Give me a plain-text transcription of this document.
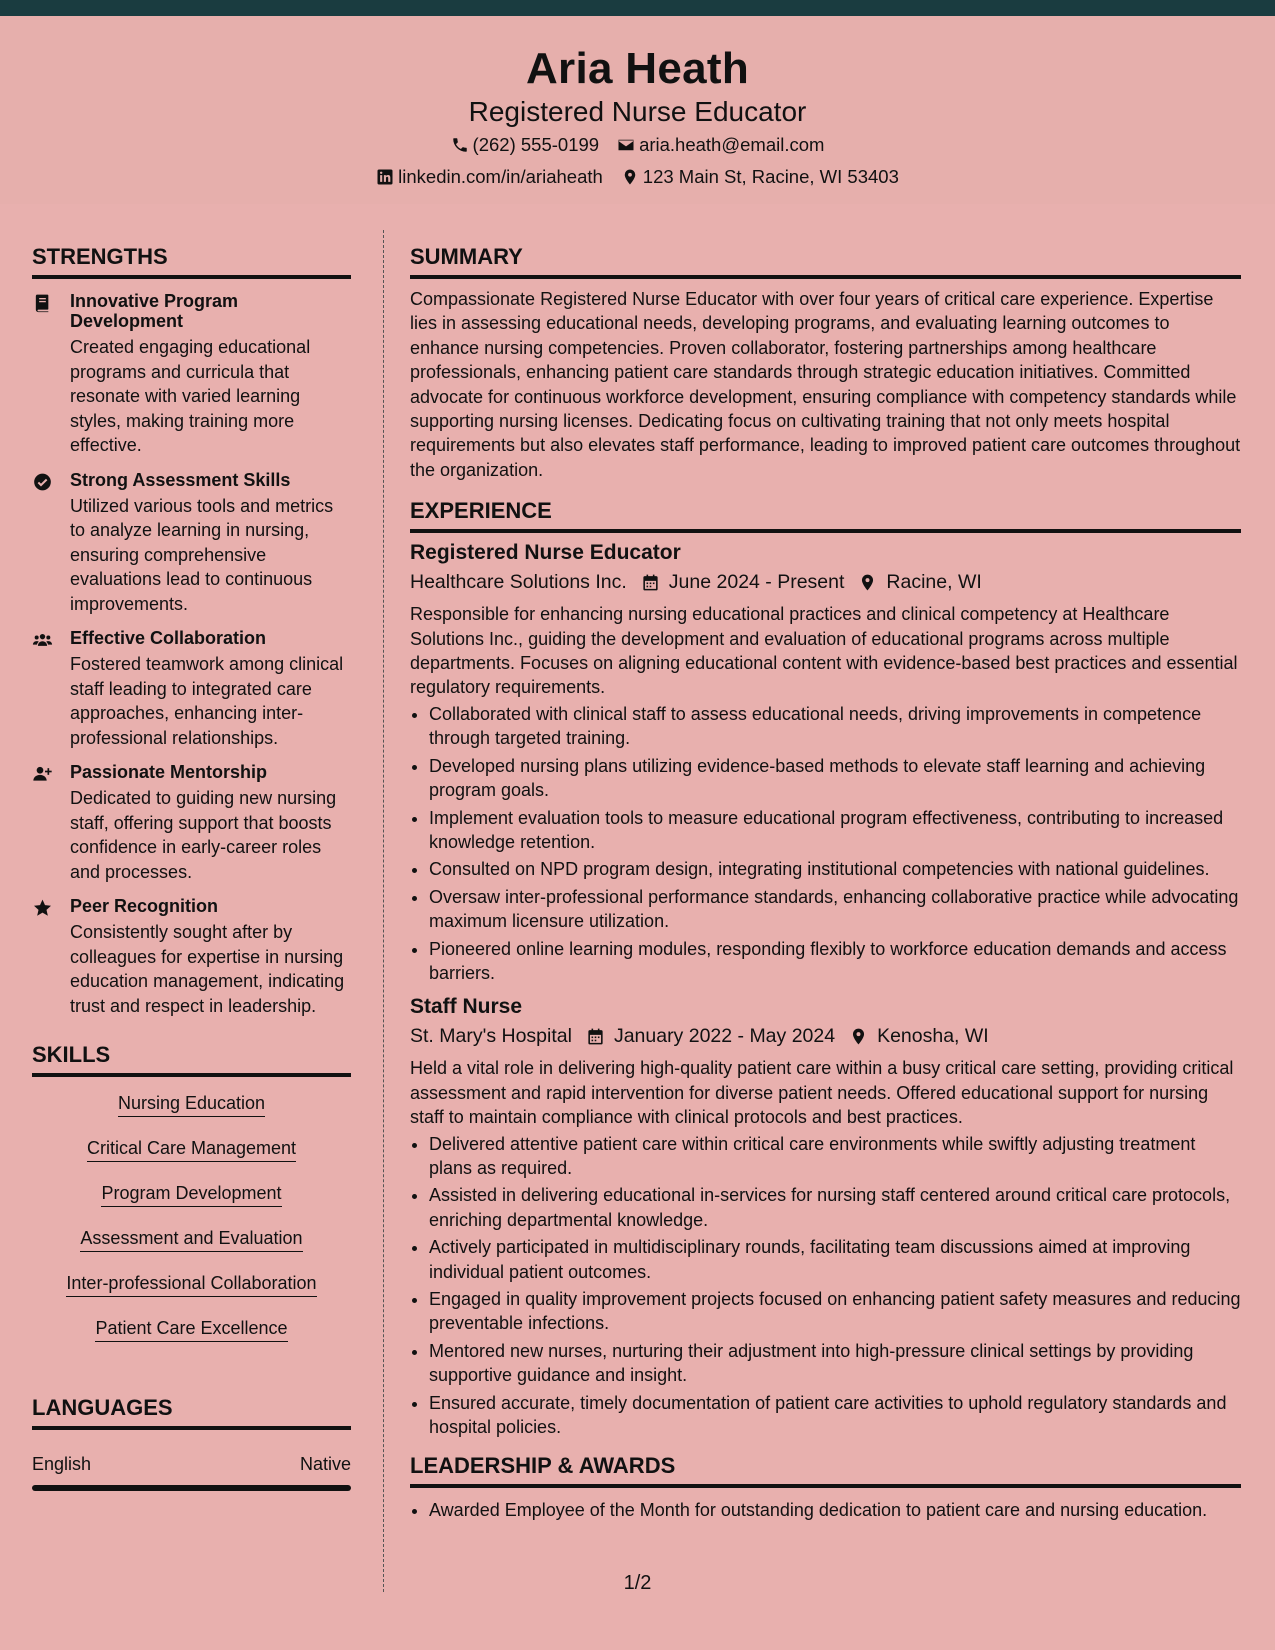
Aria Heath
Registered Nurse Educator
(262) 555-0199 aria.heath@email.com
linkedin.com/in/ariaheath 123 Main St, Racine, WI 53403
STRENGTHS
Innovative Program Development
Created engaging educational programs and curricula that resonate with varied learning styles, making training more effective.
Strong Assessment Skills
Utilized various tools and metrics to analyze learning in nursing, ensuring comprehensive evaluations lead to continuous improvements.
Effective Collaboration
Fostered teamwork among clinical staff leading to integrated care approaches, enhancing inter-professional relationships.
Passionate Mentorship
Dedicated to guiding new nursing staff, offering support that boosts confidence in early-career roles and processes.
Peer Recognition
Consistently sought after by colleagues for expertise in nursing education management, indicating trust and respect in leadership.
SKILLS
Nursing Education
Critical Care Management
Program Development
Assessment and Evaluation
Inter-professional Collaboration
Patient Care Excellence
LANGUAGES
English	Native
SUMMARY
Compassionate Registered Nurse Educator with over four years of critical care experience. Expertise lies in assessing educational needs, developing programs, and evaluating learning outcomes to enhance nursing competencies. Proven collaborator, fostering partnerships among healthcare professionals, enhancing patient care standards through strategic education initiatives. Committed advocate for continuous workforce development, ensuring compliance with competency standards while supporting nursing licenses. Dedicating focus on cultivating training that not only meets hospital requirements but also elevates staff performance, leading to improved patient care outcomes throughout the organization.
EXPERIENCE
Registered Nurse Educator
Healthcare Solutions Inc. June 2024 - Present Racine, WI
Responsible for enhancing nursing educational practices and clinical competency at Healthcare Solutions Inc., guiding the development and evaluation of educational programs across multiple departments. Focuses on aligning educational content with evidence-based best practices and essential regulatory requirements.
• Collaborated with clinical staff to assess educational needs, driving improvements in competence through targeted training.
• Developed nursing plans utilizing evidence-based methods to elevate staff learning and achieving program goals.
• Implement evaluation tools to measure educational program effectiveness, contributing to increased knowledge retention.
• Consulted on NPD program design, integrating institutional competencies with national guidelines.
• Oversaw inter-professional performance standards, enhancing collaborative practice while advocating maximum licensure utilization.
• Pioneered online learning modules, responding flexibly to workforce education demands and access barriers.
Staff Nurse
St. Mary's Hospital January 2022 - May 2024 Kenosha, WI
Held a vital role in delivering high-quality patient care within a busy critical care setting, providing critical assessment and rapid intervention for diverse patient needs. Offered educational support for nursing staff to maintain compliance with clinical protocols and best practices.
• Delivered attentive patient care within critical care environments while swiftly adjusting treatment plans as required.
• Assisted in delivering educational in-services for nursing staff centered around critical care protocols, enriching departmental knowledge.
• Actively participated in multidisciplinary rounds, facilitating team discussions aimed at improving individual patient outcomes.
• Engaged in quality improvement projects focused on enhancing patient safety measures and reducing preventable infections.
• Mentored new nurses, nurturing their adjustment into high-pressure clinical settings by providing supportive guidance and insight.
• Ensured accurate, timely documentation of patient care activities to uphold regulatory standards and hospital policies.
LEADERSHIP & AWARDS
• Awarded Employee of the Month for outstanding dedication to patient care and nursing education.
1/2
